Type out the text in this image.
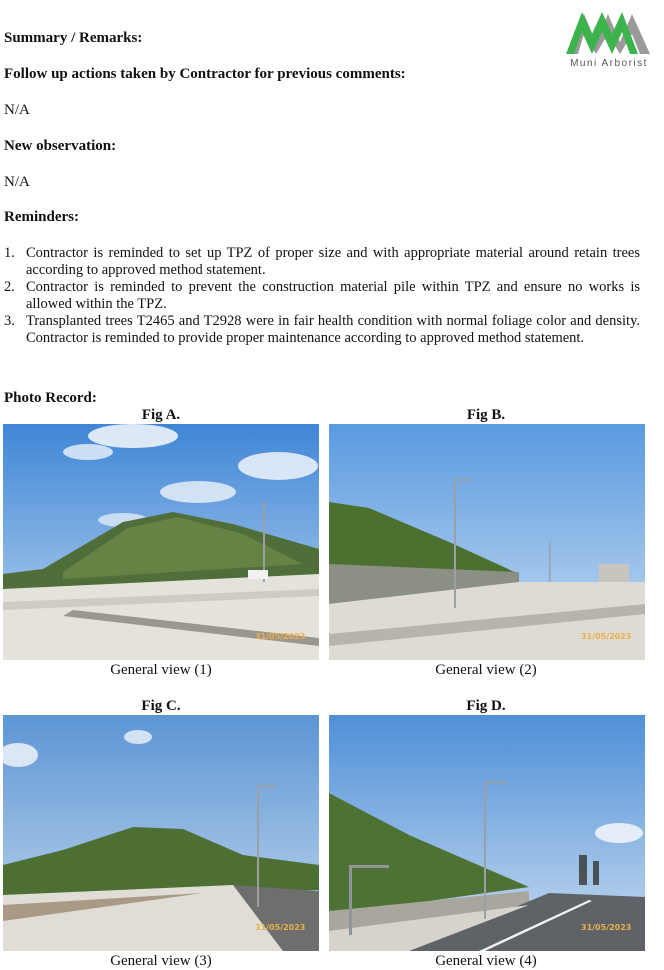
Muni Arborist
Summary / Remarks:
Follow up actions taken by Contractor for previous comments:
N/A
New observation:
N/A
Reminders:
1. Contractor is reminded to set up TPZ of proper size and with appropriate material around retain trees according to approved method statement.
2. Contractor is reminded to prevent the construction material pile within TPZ and ensure no works is allowed within the TPZ.
3. Transplanted trees T2465 and T2928 were in fair health condition with normal foliage color and density. Contractor is reminded to provide proper maintenance according to approved method statement.
Photo Record:
Fig A.
31/05/2023
General view (1)
Fig B.
31/05/2023
General view (2)
Fig C.
31/05/2023
General view (3)
Fig D.
31/05/2023
General view (4)
